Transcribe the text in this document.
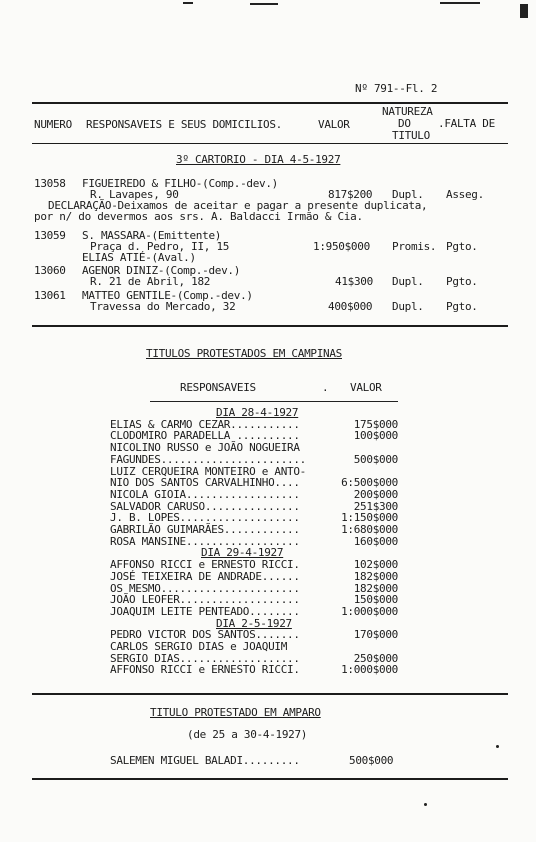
Nº 791--Fl. 2
NUMERO RESPONSAVEIS E SEUS DOMICILIOS.	VALOR
NATUREZA
DO
TITULO
.FALTA DE
3º CARTORIO - DIA 4-5-1927
13058 FIGUEIREDO & FILHO-(Comp.-dev.)
R. Lavapes, 90	817$200 Dupl. Asseg.
DECLARAÇÃO-Deixamos de aceitar e pagar a presente duplicata,
por n/ do devermos aos srs. A. Baldacci Irmão & Cia.
13059 S. MASSARA-(Emittente)
Praça d. Pedro, II, 15
ELIAS ATIÉ-(Aval.)
1:950$000 Promis. Pgto.
13060 AGENOR DINIZ-(Comp.-dev.)
R. 21 de Abril, 182	41$300 Dupl. Pgto.
13061 MATTEO GENTILE-(Comp.-dev.)
Travessa do Mercado, 32	400$000 Dupl. Pgto.
TITULOS PROTESTADOS EM CAMPINAS
RESPONSAVEIS	VALOR
.
DIA 28-4-1927
ELIAS & CARMO CEZAR...........	175$000
CLODOMIRO PARADELLA ..........	100$000
NICOLINO RUSSO e JOÃO NOGUEIRA
FAGUNDES.......................	500$000
LUIZ CERQUEIRA MONTEIRO e ANTO-
NIO DOS SANTOS CARVALHINHO....	6:500$000
NICOLA GIOIA..................	200$000
SALVADOR CARUSO...............	251$300
J. B. LOPES...................	1:150$000
GABRILÃO GUIMARÃES............	1:680$000
ROSA MANSINE..................	160$000
DIA 29-4-1927
AFFONSO RICCI e ERNESTO RICCI.	102$000
JOSÉ TEIXEIRA DE ANDRADE......	182$000
OS MESMO......................	182$000
JOÃO LEOFER...................	150$000
JOAQUIM LEITE PENTEADO........	1:000$000
DIA 2-5-1927
PEDRO VICTOR DOS SANTOS.......	170$000
CARLOS SERGIO DIAS e JOAQUIM
SERGIO DIAS...................	250$000
AFFONSO RICCI e ERNESTO RICCI.	1:000$000
TITULO PROTESTADO EM AMPARO
(de 25 a 30-4-1927)
SALEMEN MIGUEL BALADI.........	500$000
